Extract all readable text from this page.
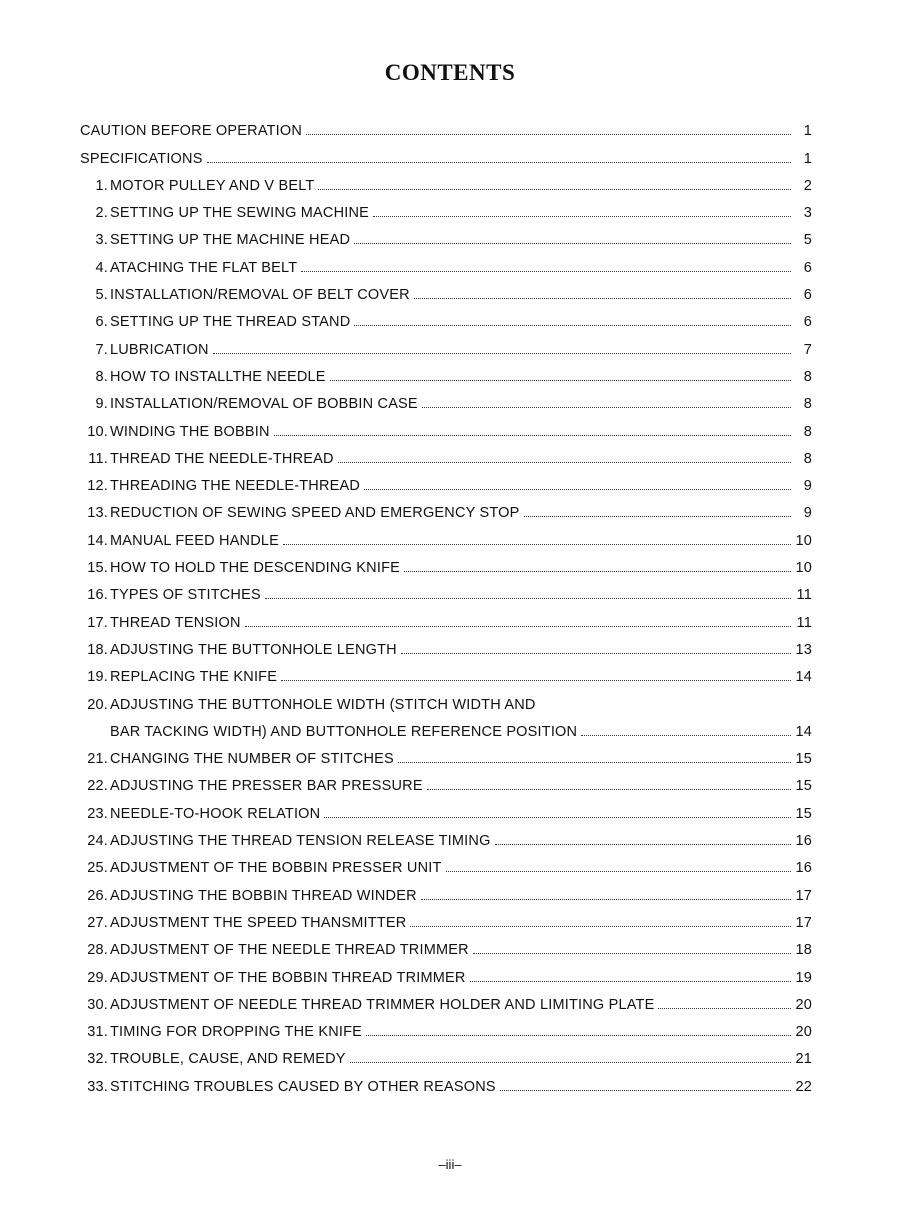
CONTENTS
CAUTION BEFORE OPERATION	1
SPECIFICATIONS	1
1. MOTOR PULLEY AND V BELT	2
2. SETTING UP THE SEWING MACHINE	3
3. SETTING UP THE MACHINE HEAD	5
4. ATACHING THE FLAT BELT	6
5. INSTALLATION/REMOVAL OF BELT COVER	6
6. SETTING UP THE THREAD STAND	6
7. LUBRICATION	7
8. HOW TO INSTALLTHE NEEDLE	8
9. INSTALLATION/REMOVAL OF BOBBIN CASE	8
10. WINDING THE BOBBIN	8
11. THREAD THE NEEDLE-THREAD	8
12. THREADING THE NEEDLE-THREAD	9
13. REDUCTION OF SEWING SPEED AND EMERGENCY STOP	9
14. MANUAL FEED HANDLE	10
15. HOW TO HOLD THE DESCENDING KNIFE	10
16. TYPES OF STITCHES	11
17. THREAD TENSION	11
18. ADJUSTING THE BUTTONHOLE LENGTH	13
19. REPLACING THE KNIFE	14
20. ADJUSTING THE BUTTONHOLE WIDTH (STITCH WIDTH AND
BAR TACKING WIDTH) AND BUTTONHOLE REFERENCE POSITION	14
21. CHANGING THE NUMBER OF STITCHES	15
22. ADJUSTING THE PRESSER BAR PRESSURE	15
23. NEEDLE-TO-HOOK RELATION	15
24. ADJUSTING THE THREAD TENSION RELEASE TIMING	16
25. ADJUSTMENT OF THE BOBBIN PRESSER UNIT	16
26. ADJUSTING THE BOBBIN THREAD WINDER	17
27. ADJUSTMENT THE SPEED THANSMITTER	17
28. ADJUSTMENT OF THE NEEDLE THREAD TRIMMER	18
29. ADJUSTMENT OF THE BOBBIN THREAD TRIMMER	19
30. ADJUSTMENT OF NEEDLE THREAD TRIMMER HOLDER AND LIMITING PLATE	20
31. TIMING FOR DROPPING THE KNIFE	20
32. TROUBLE, CAUSE, AND REMEDY	21
33. STITCHING TROUBLES CAUSED BY OTHER REASONS	22
–iii–
